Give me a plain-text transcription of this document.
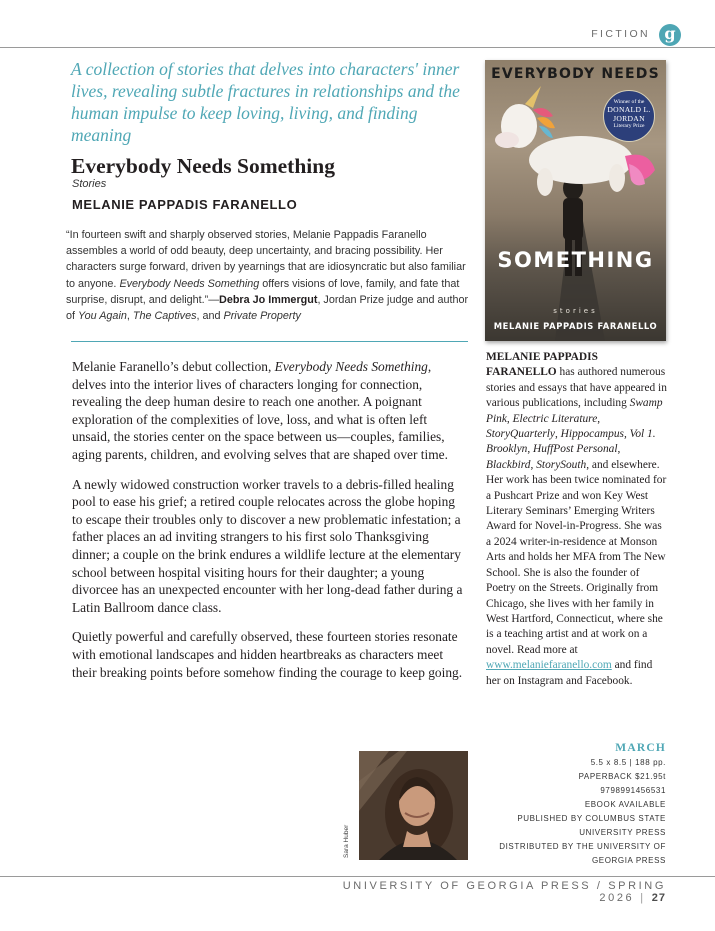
FICTION g
A collection of stories that delves into characters' inner lives, revealing subtle fractures in relationships and the human impulse to keep loving, living, and finding meaning
Everybody Needs Something
Stories
MELANIE PAPPADIS FARANELLO
“In fourteen swift and sharply observed stories, Melanie Pappadis Faranello assembles a world of odd beauty, deep uncertainty, and bracing possibility. Her characters surge forward, driven by yearnings that are idiosyncratic but also familiar to anyone. Everybody Needs Something offers visions of love, family, and fate that surprise, disrupt, and delight.”—Debra Jo Immergut, Jordan Prize judge and author of You Again, The Captives, and Private Property

Melanie Faranello’s debut collection, Everybody Needs Something, delves into the interior lives of characters longing for connection, revealing the deep human desire to reach one another. A poignant exploration of the complexities of love, loss, and what is often left unsaid, the stories center on the space between us—couples, families, aging parents, children, and evolving selves that are shaped over time.

A newly widowed construction worker travels to a debris-filled healing pool to ease his grief; a retired couple relocates across the globe hoping to escape their troubles only to discover a new problematic infestation; a father places an ad inviting strangers to his first solo Thanksgiving dinner; a couple on the brink endures a wildlife lecture at the elementary school between hospital visiting hours for their daughter; a young divorcee has an unexpected encounter with her long-dead father during a Latin Ballroom dance class.

Quietly powerful and carefully observed, these fourteen stories resonate with emotional landscapes and hidden heartbreaks as characters meet their breaking points before somehow finding the courage to keep going.

EVERYBODY NEEDS
Winner of the
DONALD L.
JORDAN
Literary Prize
SOMETHING
stories
MELANIE PAPPADIS FARANELLO
MELANIE PAPPADIS FARANELLO has authored numerous stories and essays that have appeared in various publications, including Swamp Pink, Electric Literature, StoryQuarterly, Hippocampus, Vol 1. Brooklyn, HuffPost Personal, Blackbird, StorySouth, and elsewhere. Her work has been twice nominated for a Pushcart Prize and won Key West Literary Seminars’ Emerging Writers Award for Novel-in-Progress. She was a 2024 writer-in-residence at Monson Arts and holds her MFA from The New School. She is also the founder of Poetry on the Streets. Originally from Chicago, she lives with her family in West Hartford, Connecticut, where she is a teaching artist and at work on a novel. Read more at www.melaniefaranello.com and find her on Instagram and Facebook.
MARCH
5.5 x 8.5 | 188 pp.
PAPERBACK $21.95t
9798991456531
EBOOK AVAILABLE
PUBLISHED BY COLUMBUS STATE
UNIVERSITY PRESS
DISTRIBUTED BY THE UNIVERSITY OF
GEORGIA PRESS
Sara Huber
UNIVERSITY OF GEORGIA PRESS / SPRING 2026 | 27
